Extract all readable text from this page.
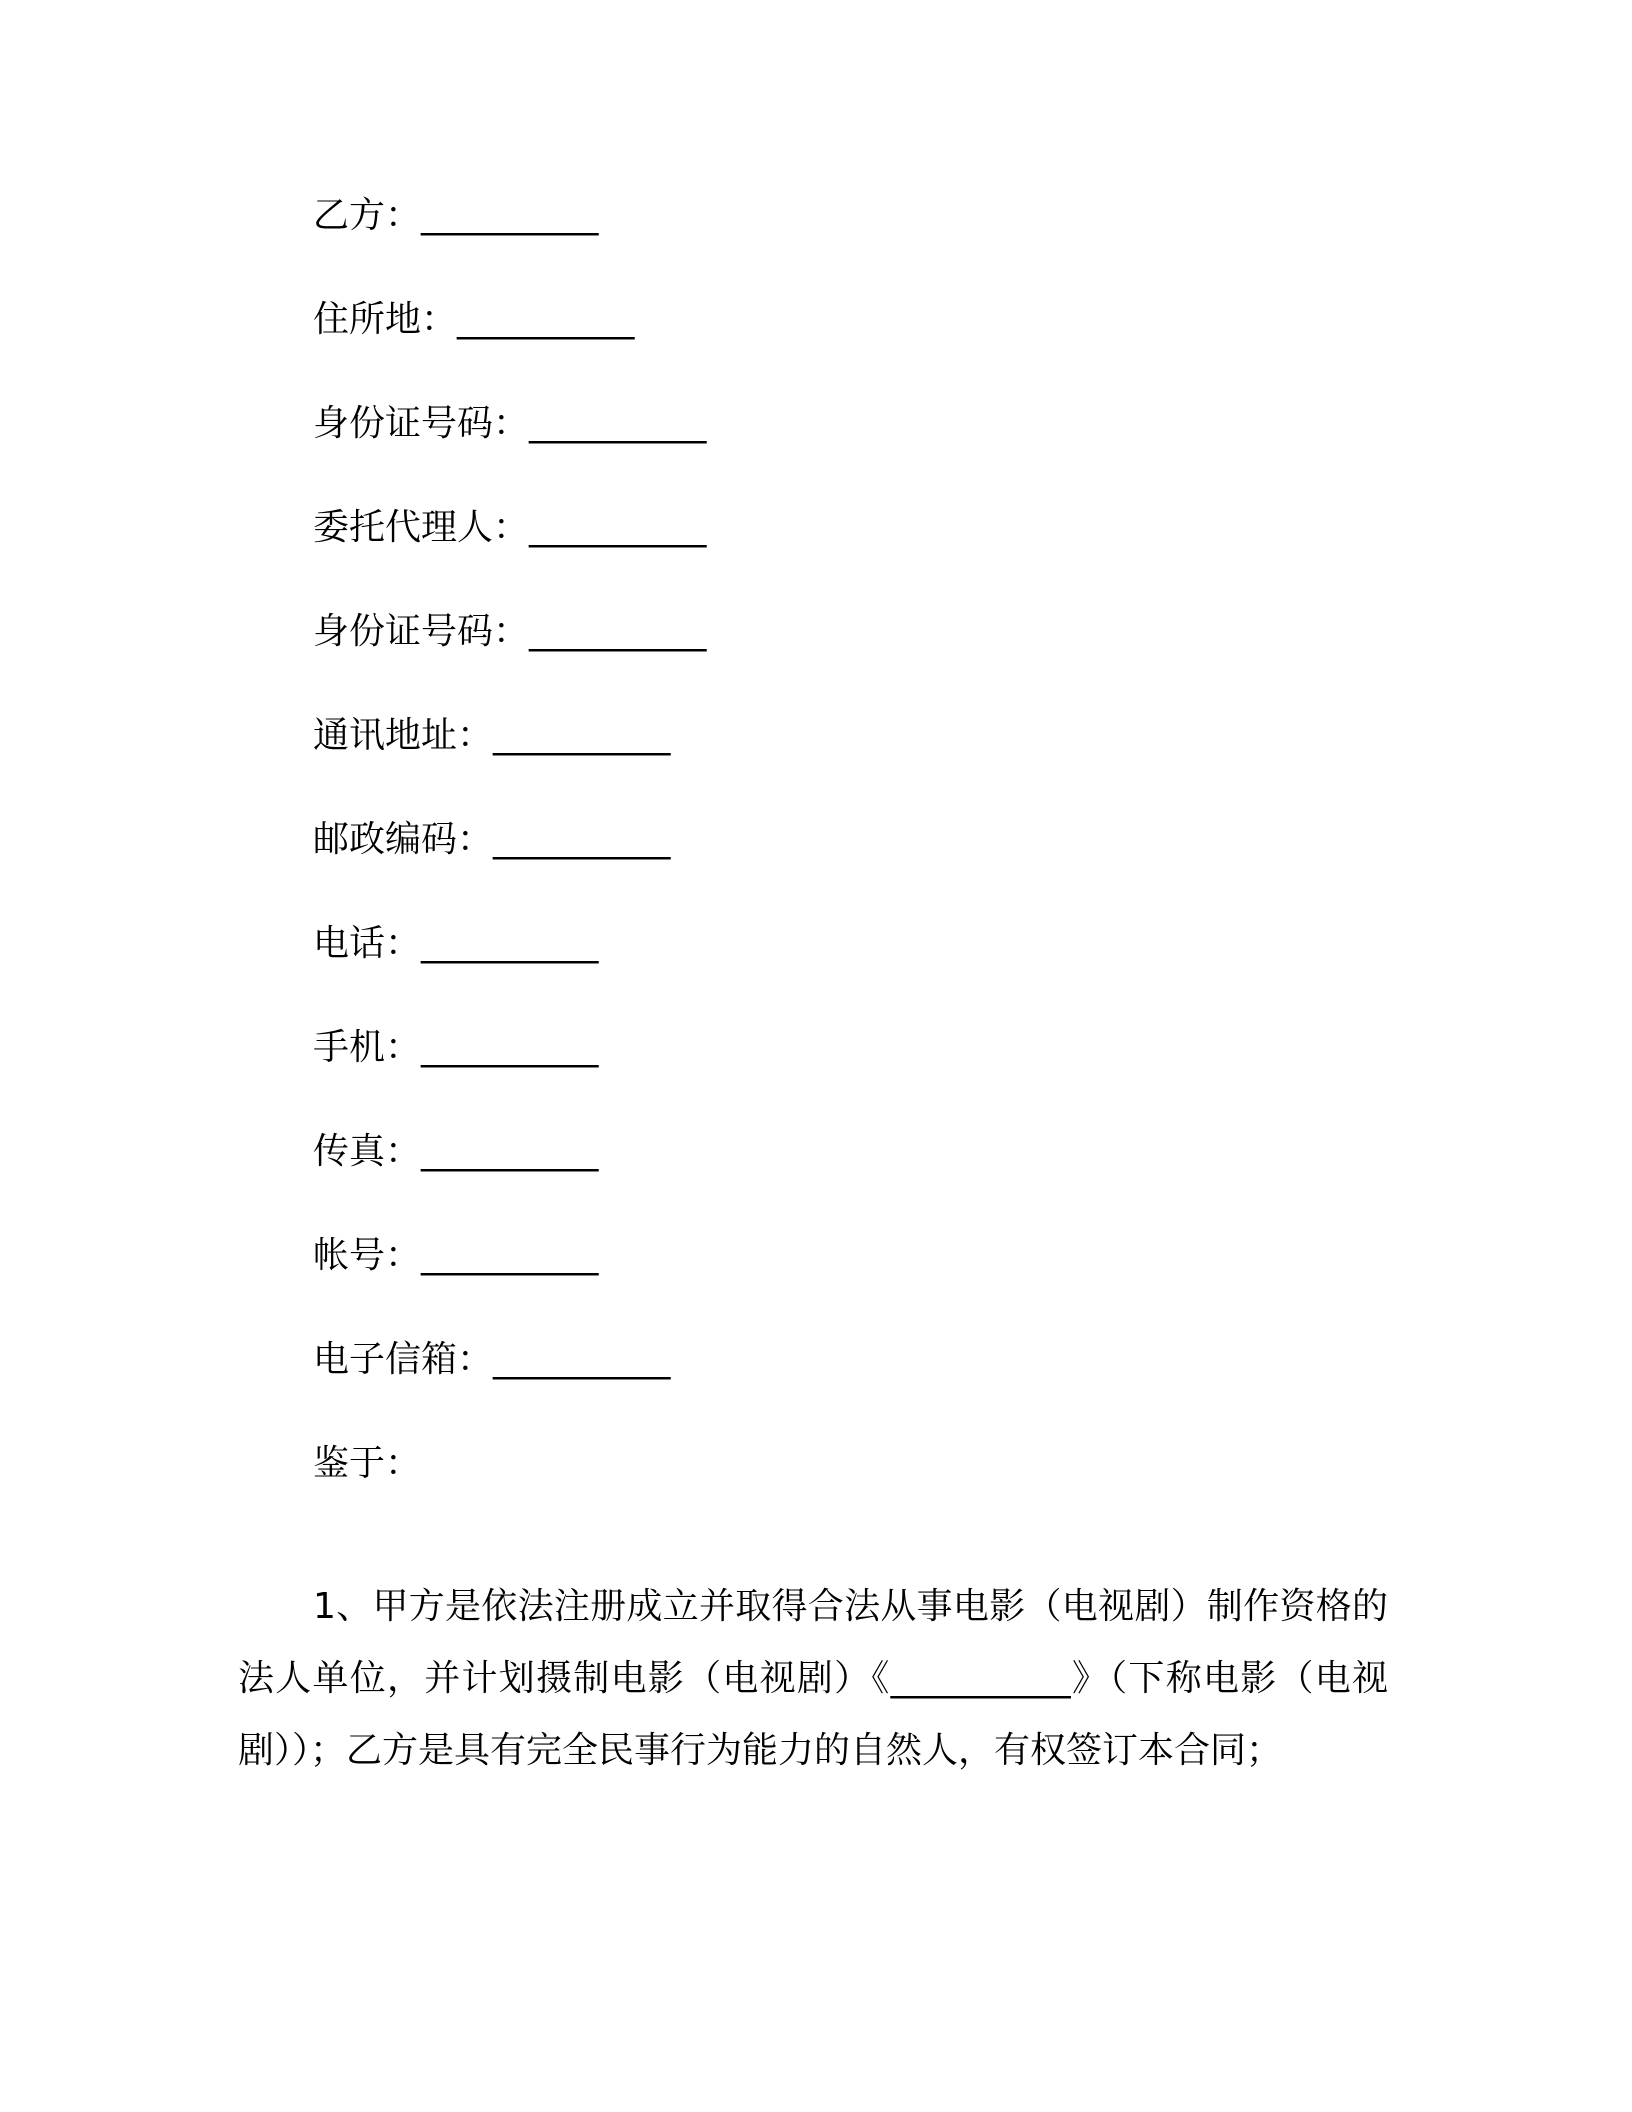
乙方：__________
住所地：__________
身份证号码：__________
委托代理人：__________
身份证号码：__________
通讯地址：__________
邮政编码：__________
电话：__________
手机：__________
传真：__________
帐号：__________
电子信箱：__________
鉴于：

1、甲方是依法注册成立并取得合法从事电影（电视剧）制作资格的法人单位，并计划摄制电影（电视剧）《__________》（下称电影（电视剧））；乙方是具有完全民事行为能力的自然人，有权签订本合同；
